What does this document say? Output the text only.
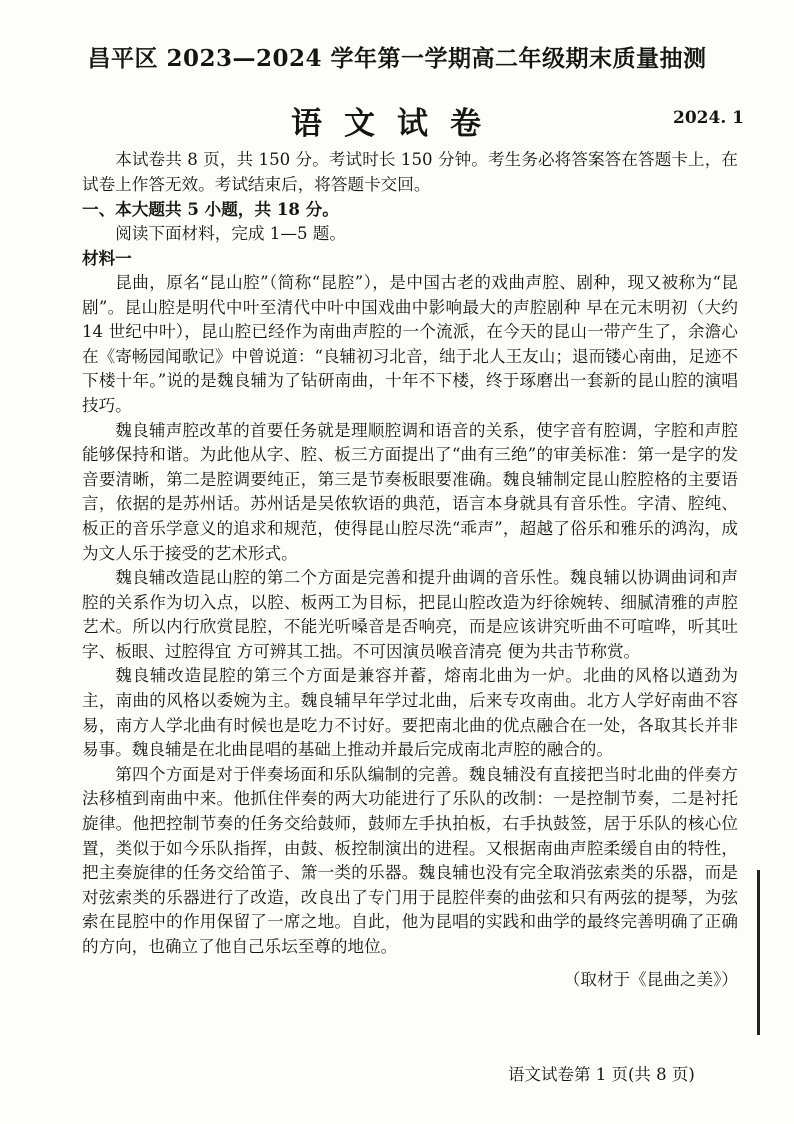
昌平区 2023—2024 学年第一学期高二年级期末质量抽测
语文试卷	2024. 1

本试卷共 8 页，共 150 分。考试时长 150 分钟。考生务必将答案答在答题卡上，在试卷上作答无效。考试结束后，将答题卡交回。

一、本大题共 5 小题，共 18 分。

阅读下面材料，完成 1—5 题。

材料一

昆曲，原名“昆山腔”（简称“昆腔”），是中国古老的戏曲声腔、剧种，现又被称为“昆剧”。昆山腔是明代中叶至清代中叶中国戏曲中影响最大的声腔剧种 早在元末明初（大约 14 世纪中叶），昆山腔已经作为南曲声腔的一个流派，在今天的昆山一带产生了，余澹心在《寄畅园闻歌记》中曾说道：“良辅初习北音，绌于北人王友山；退而镂心南曲，足迹不下楼十年。”说的是魏良辅为了钻研南曲，十年不下楼，终于琢磨出一套新的昆山腔的演唱技巧。

魏良辅声腔改革的首要任务就是理顺腔调和语音的关系，使字音有腔调，字腔和声腔能够保持和谐。为此他从字、腔、板三方面提出了“曲有三绝”的审美标准：第一是字的发音要清晰，第二是腔调要纯正，第三是节奏板眼要准确。魏良辅制定昆山腔腔格的主要语言，依据的是苏州话。苏州话是吴侬软语的典范，语言本身就具有音乐性。字清、腔纯、板正的音乐学意义的追求和规范，使得昆山腔尽洗“乖声”，超越了俗乐和雅乐的鸿沟，成为文人乐于接受的艺术形式。

魏良辅改造昆山腔的第二个方面是完善和提升曲调的音乐性。魏良辅以协调曲词和声腔的关系作为切入点，以腔、板两工为目标，把昆山腔改造为纡徐婉转、细腻清雅的声腔艺术。所以内行欣赏昆腔，不能光听嗓音是否响亮，而是应该讲究听曲不可喧哗，听其吐字、板眼、过腔得宜 方可辨其工拙。不可因演员喉音清亮 便为共击节称赏。

魏良辅改造昆腔的第三个方面是兼容并蓄，熔南北曲为一炉。北曲的风格以遒劲为主，南曲的风格以委婉为主。魏良辅早年学过北曲，后来专攻南曲。北方人学好南曲不容易，南方人学北曲有时候也是吃力不讨好。要把南北曲的优点融合在一处，各取其长并非易事。魏良辅是在北曲昆唱的基础上推动并最后完成南北声腔的融合的。

第四个方面是对于伴奏场面和乐队编制的完善。魏良辅没有直接把当时北曲的伴奏方法移植到南曲中来。他抓住伴奏的两大功能进行了乐队的改制：一是控制节奏，二是衬托旋律。他把控制节奏的任务交给鼓师，鼓师左手执拍板，右手执鼓签，居于乐队的核心位置，类似于如今乐队指挥，由鼓、板控制演出的进程。又根据南曲声腔柔缓自由的特性，把主奏旋律的任务交给笛子、箫一类的乐器。魏良辅也没有完全取消弦索类的乐器，而是对弦索类的乐器进行了改造，改良出了专门用于昆腔伴奏的曲弦和只有两弦的提琴，为弦索在昆腔中的作用保留了一席之地。自此，他为昆唱的实践和曲学的最终完善明确了正确的方向，也确立了他自己乐坛至尊的地位。

（取材于《昆曲之美》）

语文试卷第 1 页(共 8 页)
